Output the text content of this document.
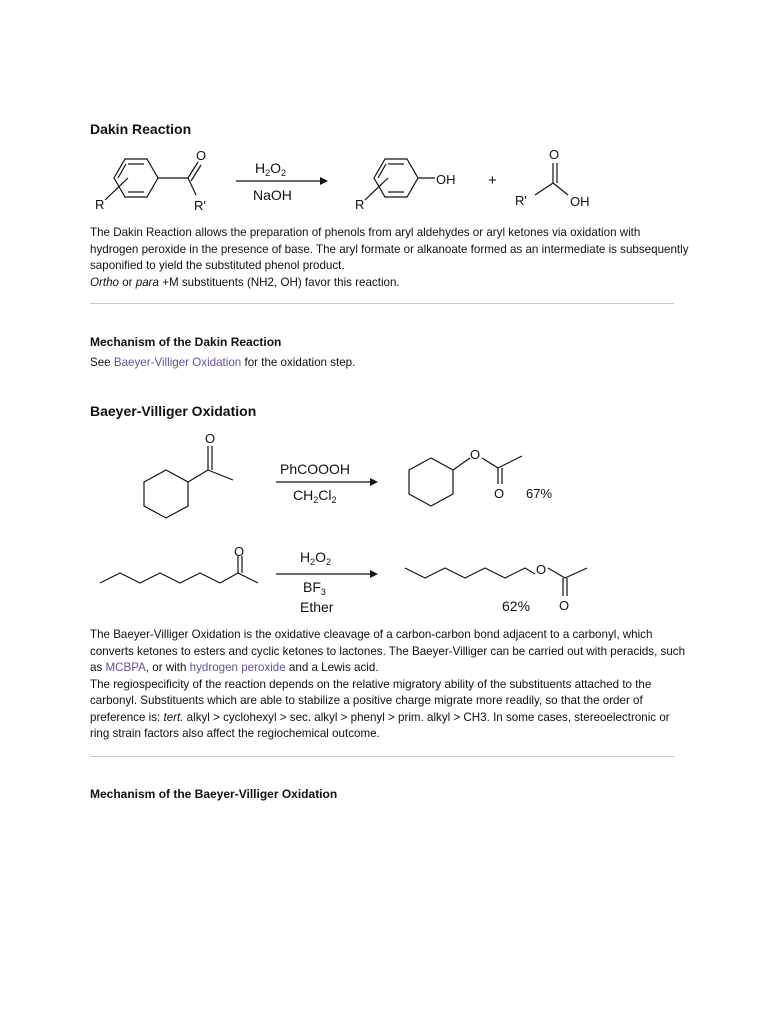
Dakin Reaction
R
O
R'
$H_2O_2$
NaOH
R
OH +
R'
O
OH

The Dakin Reaction allows the preparation of phenols from aryl aldehydes or aryl ketones via oxidation with hydrogen peroxide in the presence of base. The aryl formate or alkanoate formed as an intermediate is subsequently saponified to yield the substituted phenol product.

Ortho or para +M substituents (NH2, OH) favor this reaction.

Mechanism of the Dakin Reaction
See Baeyer-Villiger Oxidation for the oxidation step.
Baeyer-Villiger Oxidation
O
PhCOOOH
$CH_2Cl_2$
O
O 67%
O	$H_2O_2$
$BF_3$
Ether
O
O
62%

The Baeyer-Villiger Oxidation is the oxidative cleavage of a carbon-carbon bond adjacent to a carbonyl, which converts ketones to esters and cyclic ketones to lactones. The Baeyer-Villiger can be carried out with peracids, such as MCBPA, or with hydrogen peroxide and a Lewis acid.

The regiospecificity of the reaction depends on the relative migratory ability of the substituents attached to the carbonyl. Substituents which are able to stabilize a positive charge migrate more readily, so that the order of preference is: tert. alkyl > cyclohexyl > sec. alkyl > phenyl > prim. alkyl > CH3. In some cases, stereoelectronic or ring strain factors also affect the regiochemical outcome.

Mechanism of the Baeyer-Villiger Oxidation
